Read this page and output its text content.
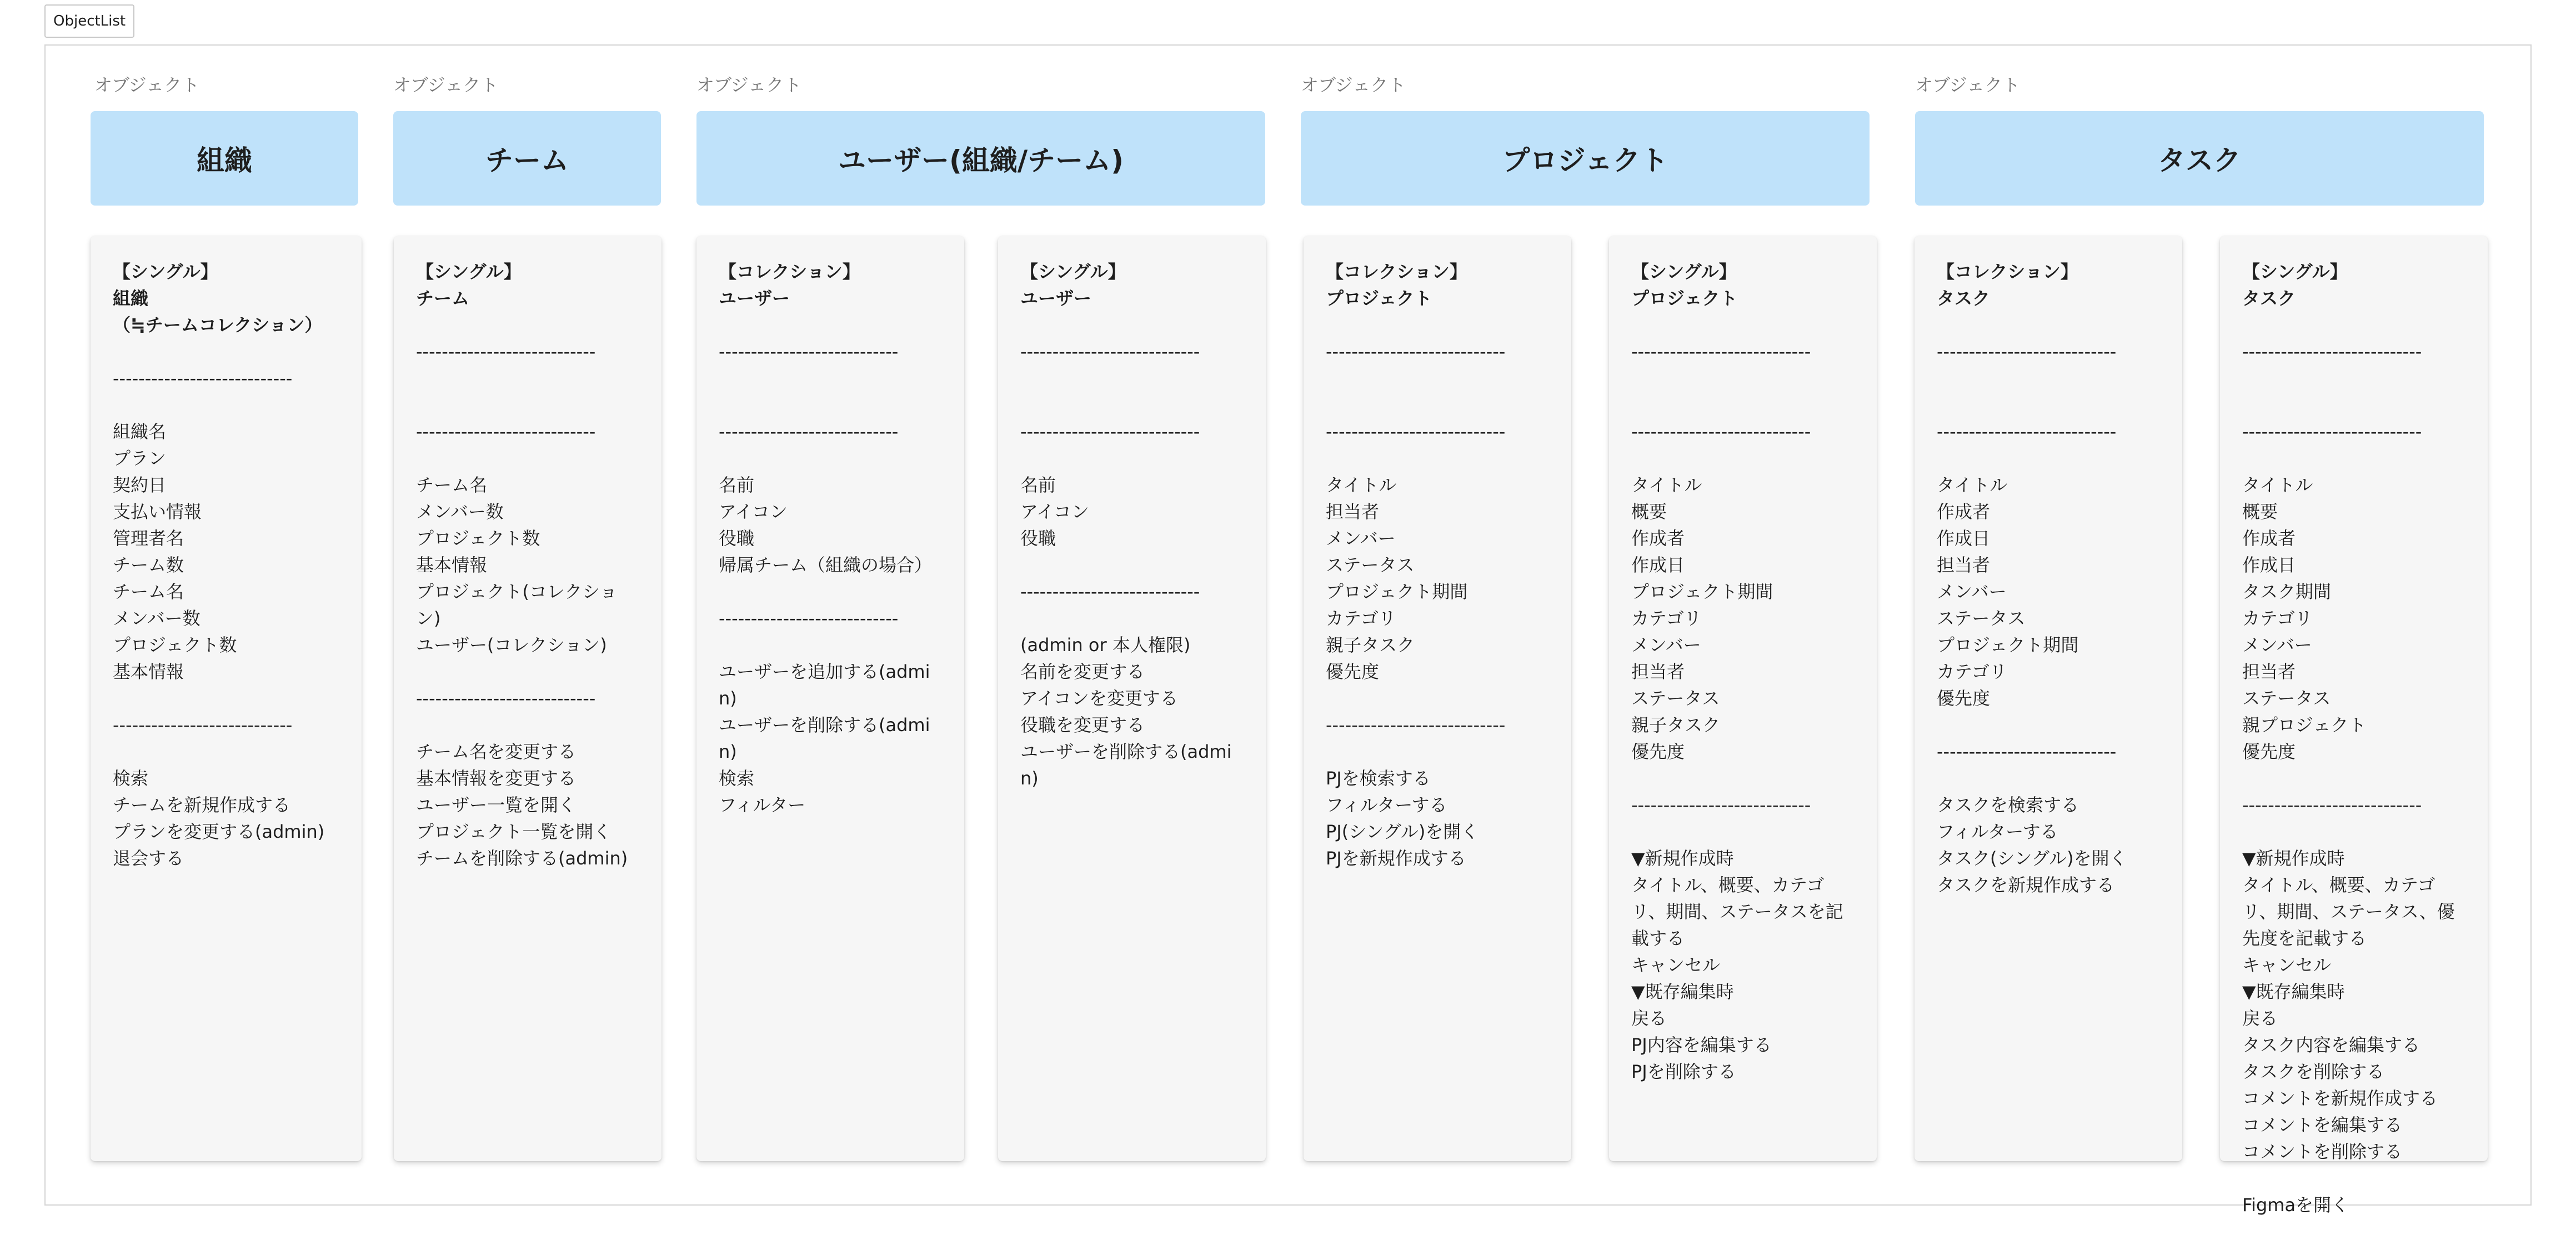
ObjectList
オブジェクト
組織
オブジェクト
チーム
オブジェクト
ユーザー(組織/チーム)
オブジェクト
プロジェクト
オブジェクト
タスク
【シングル】
組織
（≒チームコレクション）
----------------------------
組織名
プラン
契約日
支払い情報
管理者名
チーム数
チーム名
メンバー数
プロジェクト数
基本情報
----------------------------
検索
チームを新規作成する
プランを変更する(admin)
退会する
【シングル】
チーム
----------------------------
----------------------------
チーム名
メンバー数
プロジェクト数
基本情報
プロジェクト(コレクション)
ユーザー(コレクション)
----------------------------
チーム名を変更する
基本情報を変更する
ユーザー一覧を開く
プロジェクト一覧を開く
チームを削除する(admin)
【コレクション】
ユーザー
----------------------------
----------------------------
名前
アイコン
役職
帰属チーム（組織の場合）
----------------------------
ユーザーを追加する(admin)
ユーザーを削除する(admin)
検索
フィルター
【シングル】
ユーザー
----------------------------
----------------------------
名前
アイコン
役職
----------------------------
(admin or 本人権限)
名前を変更する
アイコンを変更する
役職を変更する
ユーザーを削除する(admin)
【コレクション】
プロジェクト
----------------------------
----------------------------
タイトル
担当者
メンバー
ステータス
プロジェクト期間
カテゴリ
親子タスク
優先度
----------------------------
PJを検索する
フィルターする
PJ(シングル)を開く
PJを新規作成する
【シングル】
プロジェクト
----------------------------
----------------------------
タイトル
概要
作成者
作成日
プロジェクト期間
カテゴリ
メンバー
担当者
ステータス
親子タスク
優先度
----------------------------
▼新規作成時
タイトル、概要、カテゴリ、期間、ステータスを記載する
キャンセル
▼既存編集時
戻る
PJ内容を編集する
PJを削除する
【コレクション】
タスク
----------------------------
----------------------------
タイトル
作成者
作成日
担当者
メンバー
ステータス
プロジェクト期間
カテゴリ
優先度
----------------------------
タスクを検索する
フィルターする
タスク(シングル)を開く
タスクを新規作成する
【シングル】
タスク
----------------------------
----------------------------
タイトル
概要
作成者
作成日
タスク期間
カテゴリ
メンバー
担当者
ステータス
親プロジェクト
優先度
----------------------------
▼新規作成時
タイトル、概要、カテゴリ、期間、ステータス、優先度を記載する
キャンセル
▼既存編集時
戻る
タスク内容を編集する
タスクを削除する
コメントを新規作成する
コメントを編集する
コメントを削除する
Figmaを開く
